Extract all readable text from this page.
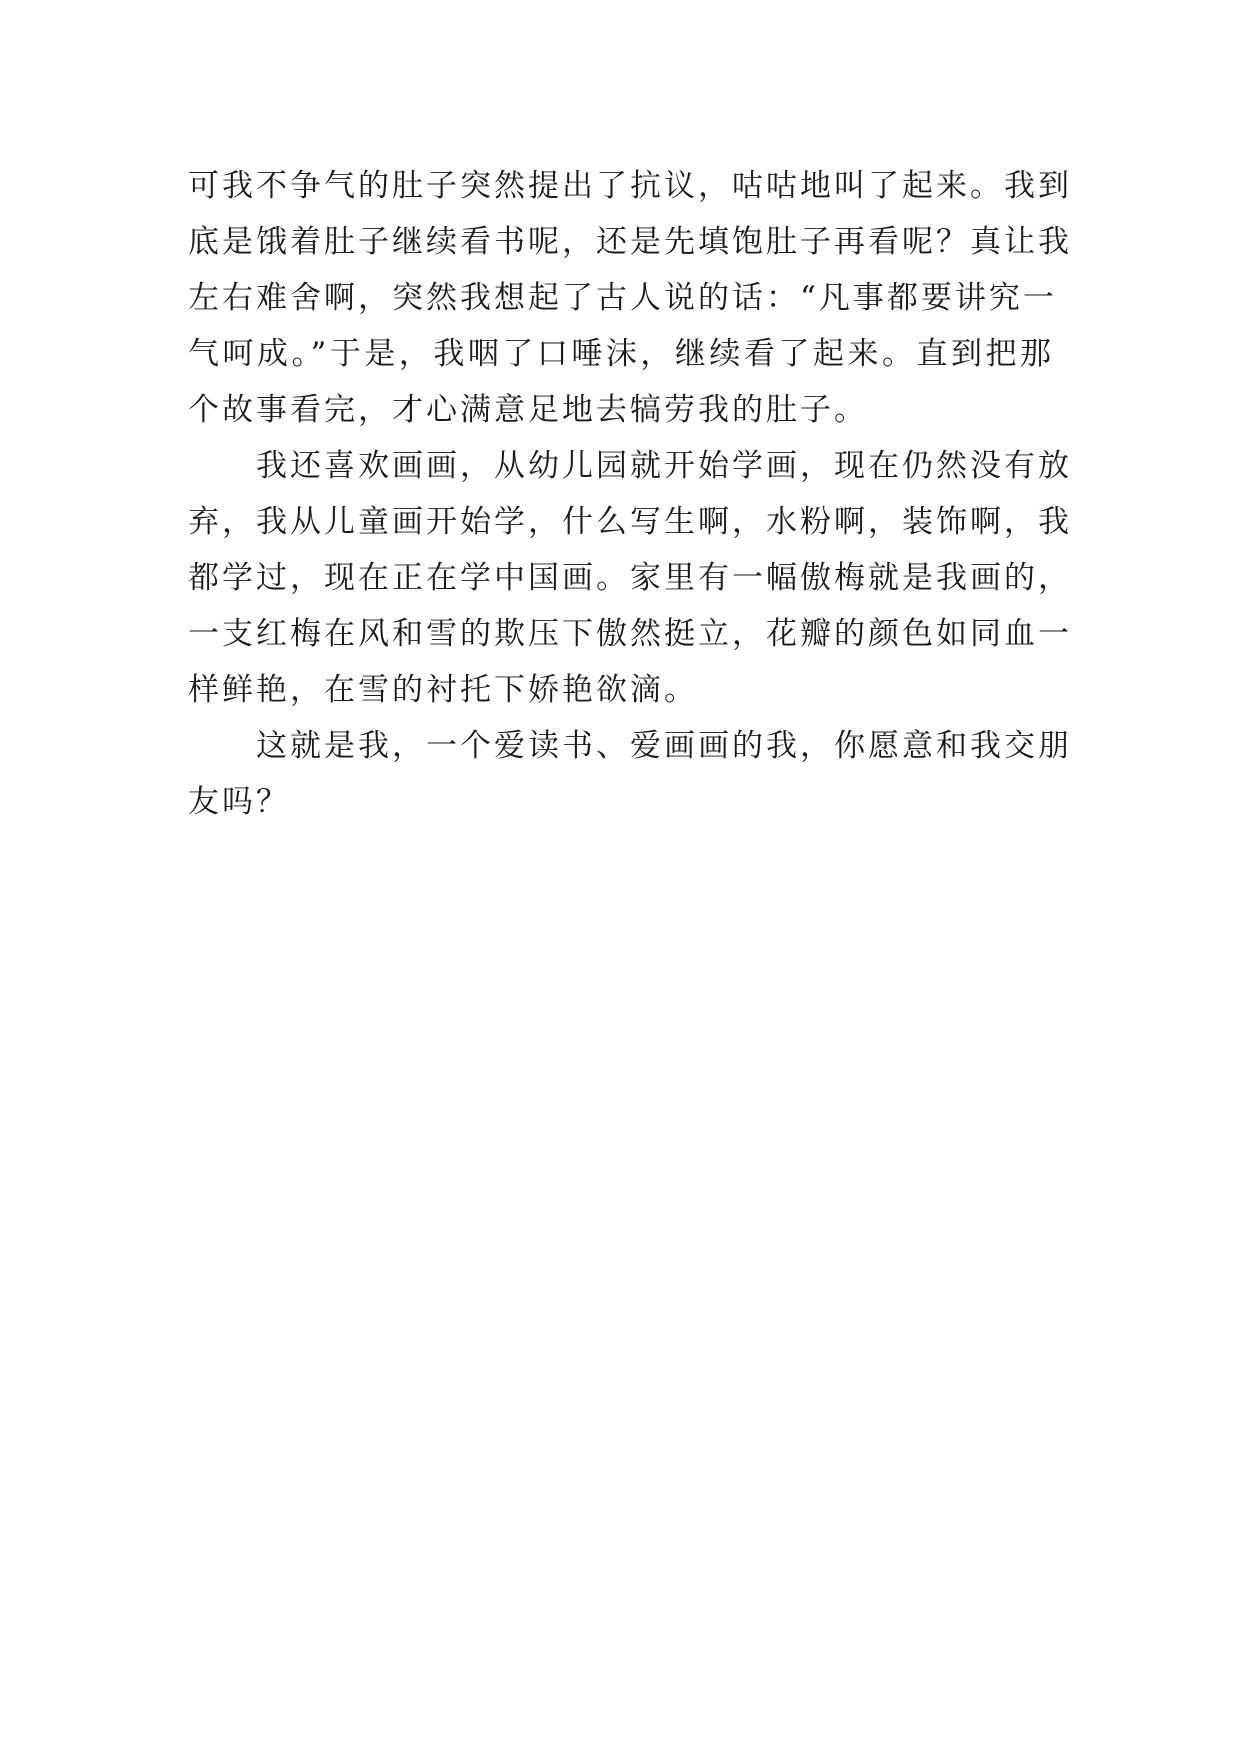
可我不争气的肚子突然提出了抗议，咕咕地叫了起来。我到
底是饿着肚子继续看书呢，还是先填饱肚子再看呢？真让我
左右难舍啊，突然我想起了古人说的话：“凡事都要讲究一
气呵成。”于是，我咽了口唾沫，继续看了起来。直到把那
个故事看完，才心满意足地去犒劳我的肚子。
我还喜欢画画，从幼儿园就开始学画，现在仍然没有放
弃，我从儿童画开始学，什么写生啊，水粉啊，装饰啊，我
都学过，现在正在学中国画。家里有一幅傲梅就是我画的，
一支红梅在风和雪的欺压下傲然挺立，花瓣的颜色如同血一
样鲜艳，在雪的衬托下娇艳欲滴。
这就是我，一个爱读书、爱画画的我，你愿意和我交朋
友吗？
